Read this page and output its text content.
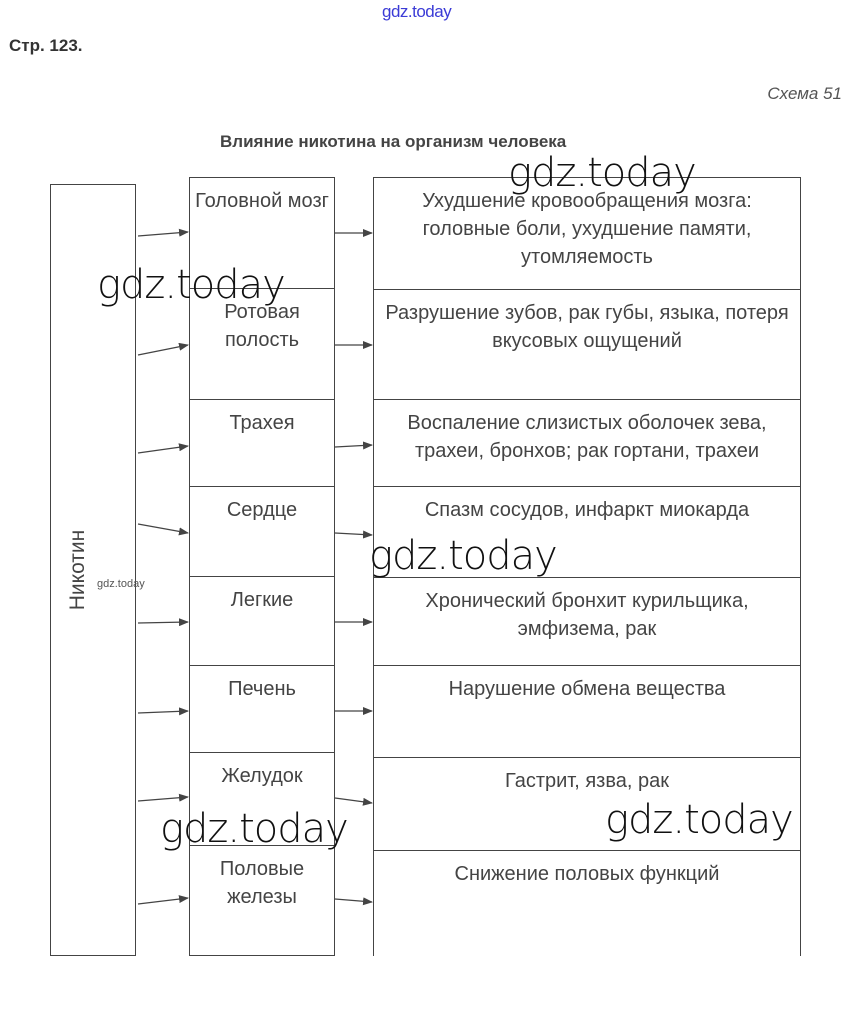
gdz.today
Стр. 123.
Схема 51
Влияние никотина на организм человека
Никотин gdz.today
Головной мозг
Ротовая полость
Трахея
Сердце
Легкие
Печень
Желудок
Половые железы
Ухудшение кровообращения мозга: головные боли, ухудшение памяти, утомляемость
Разрушение зубов, рак губы, языка, потеря вкусовых ощущений
Воспаление слизистых оболочек зева, трахеи, бронхов; рак гортани, трахеи
Спазм сосудов, инфаркт миокарда
Хронический бронхит курильщика, эмфизема, рак
Нарушение обмена вещества
Гастрит, язва, рак
Снижение половых функций
gdz.today
gdz.today
gdz.today
gdz.today	gdz.today
